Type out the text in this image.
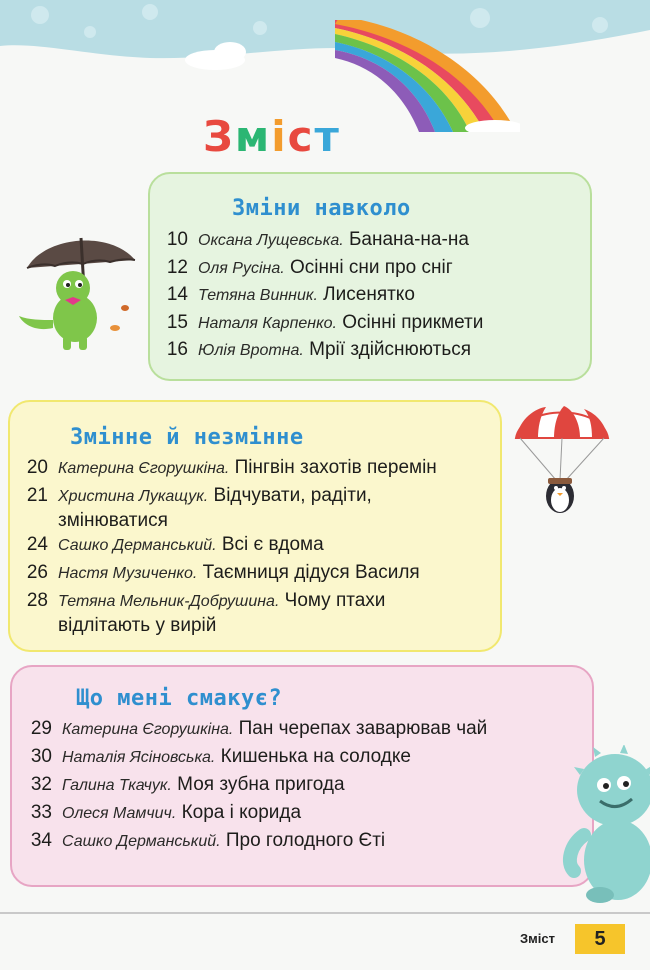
Зміст
Зміни навколо
10 Оксана Лущевська. Банана-на-на
12 Оля Русіна. Осінні сни про сніг
14 Тетяна Винник. Лисенятко
15 Наталя Карпенко. Осінні прикмети
16 Юлія Вротна. Мрії здійснюються
Змінне й незмінне
20 Катерина Єгорушкіна. Пінгвін захотів перемін
21 Христина Лукащук. Відчувати, радіти,
змінюватися
24 Сашко Дерманський. Всі є вдома
26 Настя Музиченко. Таємниця дідуся Василя
28 Тетяна Мельник-Добрушина. Чому птахи
відлітають у вирій
Що мені смакує?
29 Катерина Єгорушкіна. Пан черепах заварював чай
30 Наталія Ясіновська. Кишенька на солодке
32 Галина Ткачук. Моя зубна пригода
33 Олеся Мамчич. Кора і корида
34 Сашко Дерманський. Про голодного Єті
Зміст	5
